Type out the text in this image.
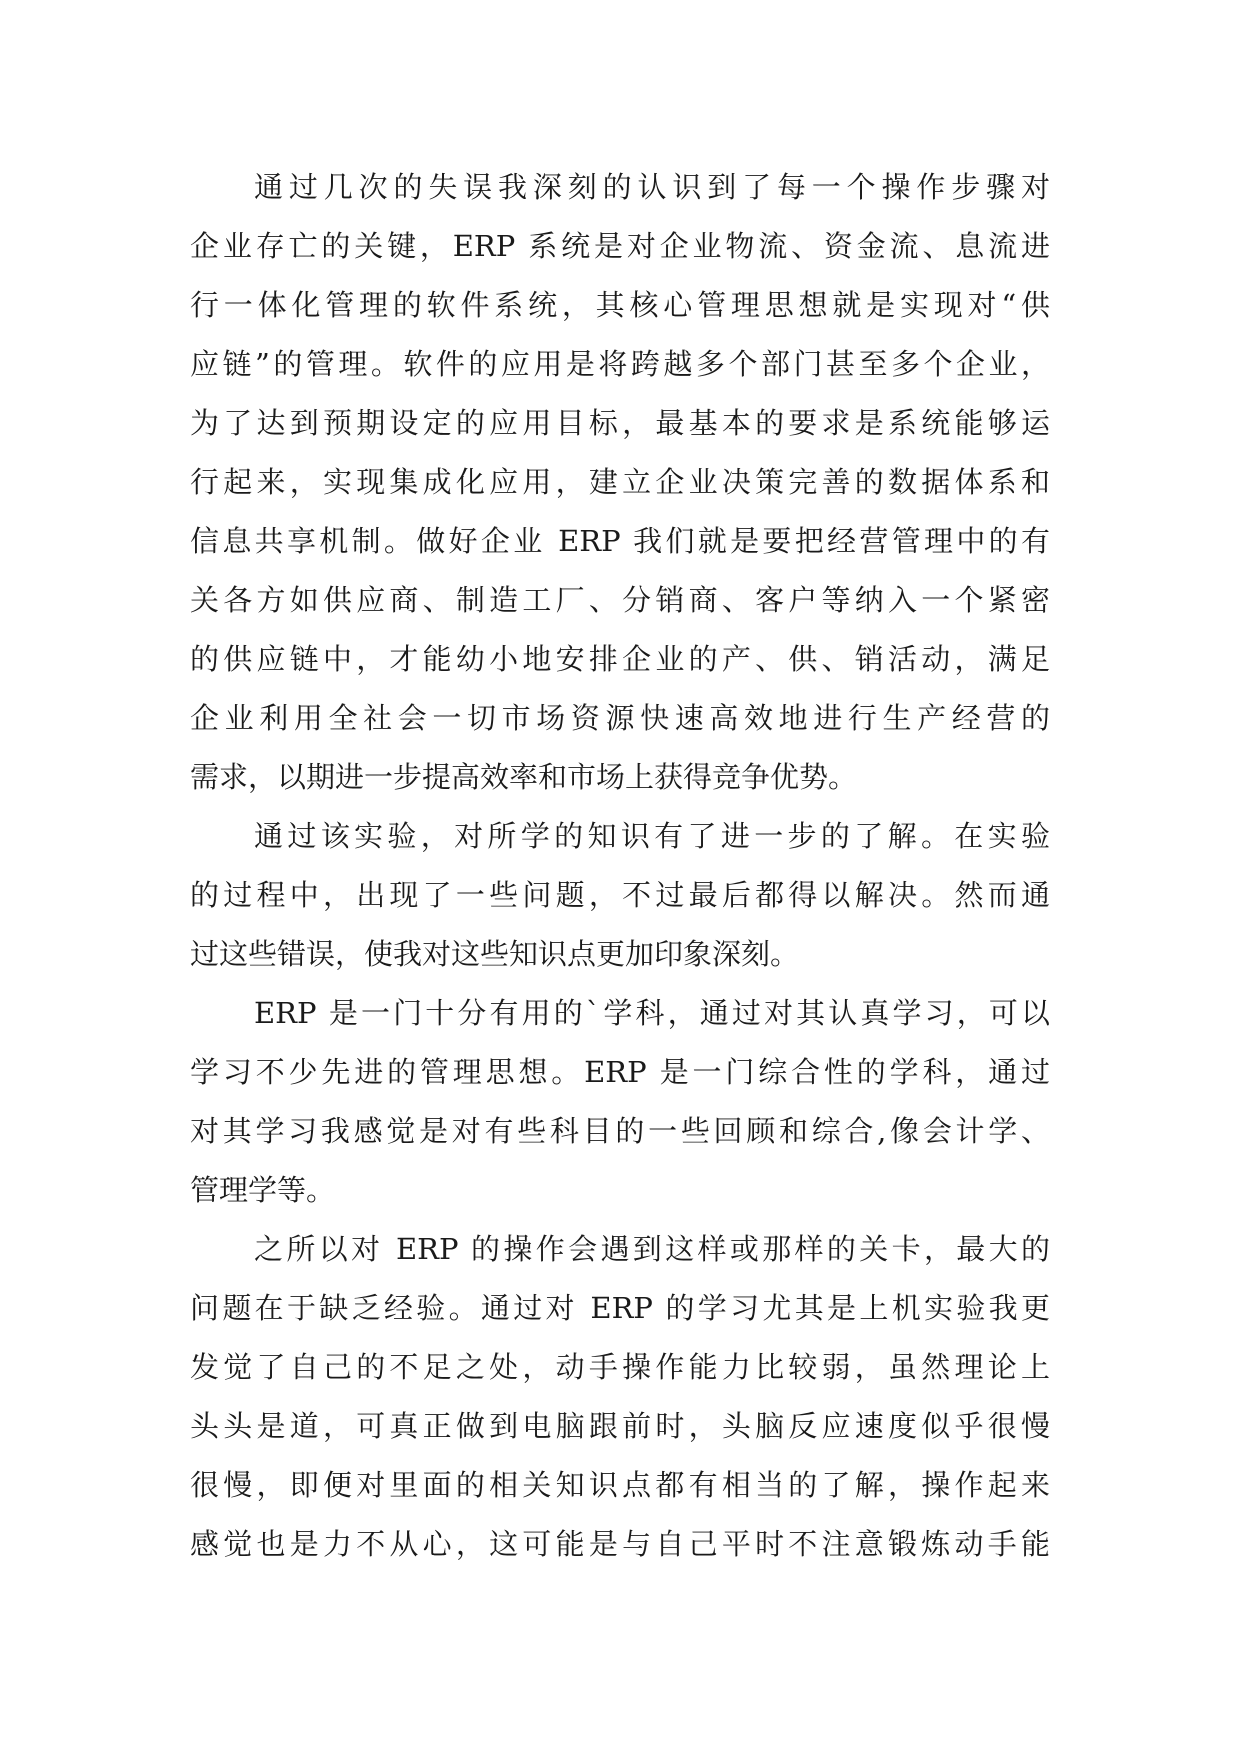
通过几次的失误我深刻的认识到了每一个操作步骤对
企业存亡的关键，ERP 系统是对企业物流、资金流、息流进
行一体化管理的软件系统，其核心管理思想就是实现对“供
应链”的管理。软件的应用是将跨越多个部门甚至多个企业，
为了达到预期设定的应用目标，最基本的要求是系统能够运
行起来，实现集成化应用，建立企业决策完善的数据体系和
信息共享机制。做好企业 ERP 我们就是要把经营管理中的有
关各方如供应商、制造工厂、分销商、客户等纳入一个紧密
的供应链中，才能幼小地安排企业的产、供、销活动，满足
企业利用全社会一切市场资源快速高效地进行生产经营的
需求，以期进一步提高效率和市场上获得竞争优势。
通过该实验，对所学的知识有了进一步的了解。在实验
的过程中，出现了一些问题，不过最后都得以解决。然而通
过这些错误，使我对这些知识点更加印象深刻。
ERP 是一门十分有用的`学科，通过对其认真学习，可以
学习不少先进的管理思想。ERP 是一门综合性的学科，通过
对其学习我感觉是对有些科目的一些回顾和综合,像会计学、
管理学等。
之所以对 ERP 的操作会遇到这样或那样的关卡，最大的
问题在于缺乏经验。通过对 ERP 的学习尤其是上机实验我更
发觉了自己的不足之处，动手操作能力比较弱，虽然理论上
头头是道，可真正做到电脑跟前时，头脑反应速度似乎很慢
很慢，即便对里面的相关知识点都有相当的了解，操作起来
感觉也是力不从心，这可能是与自己平时不注意锻炼动手能
